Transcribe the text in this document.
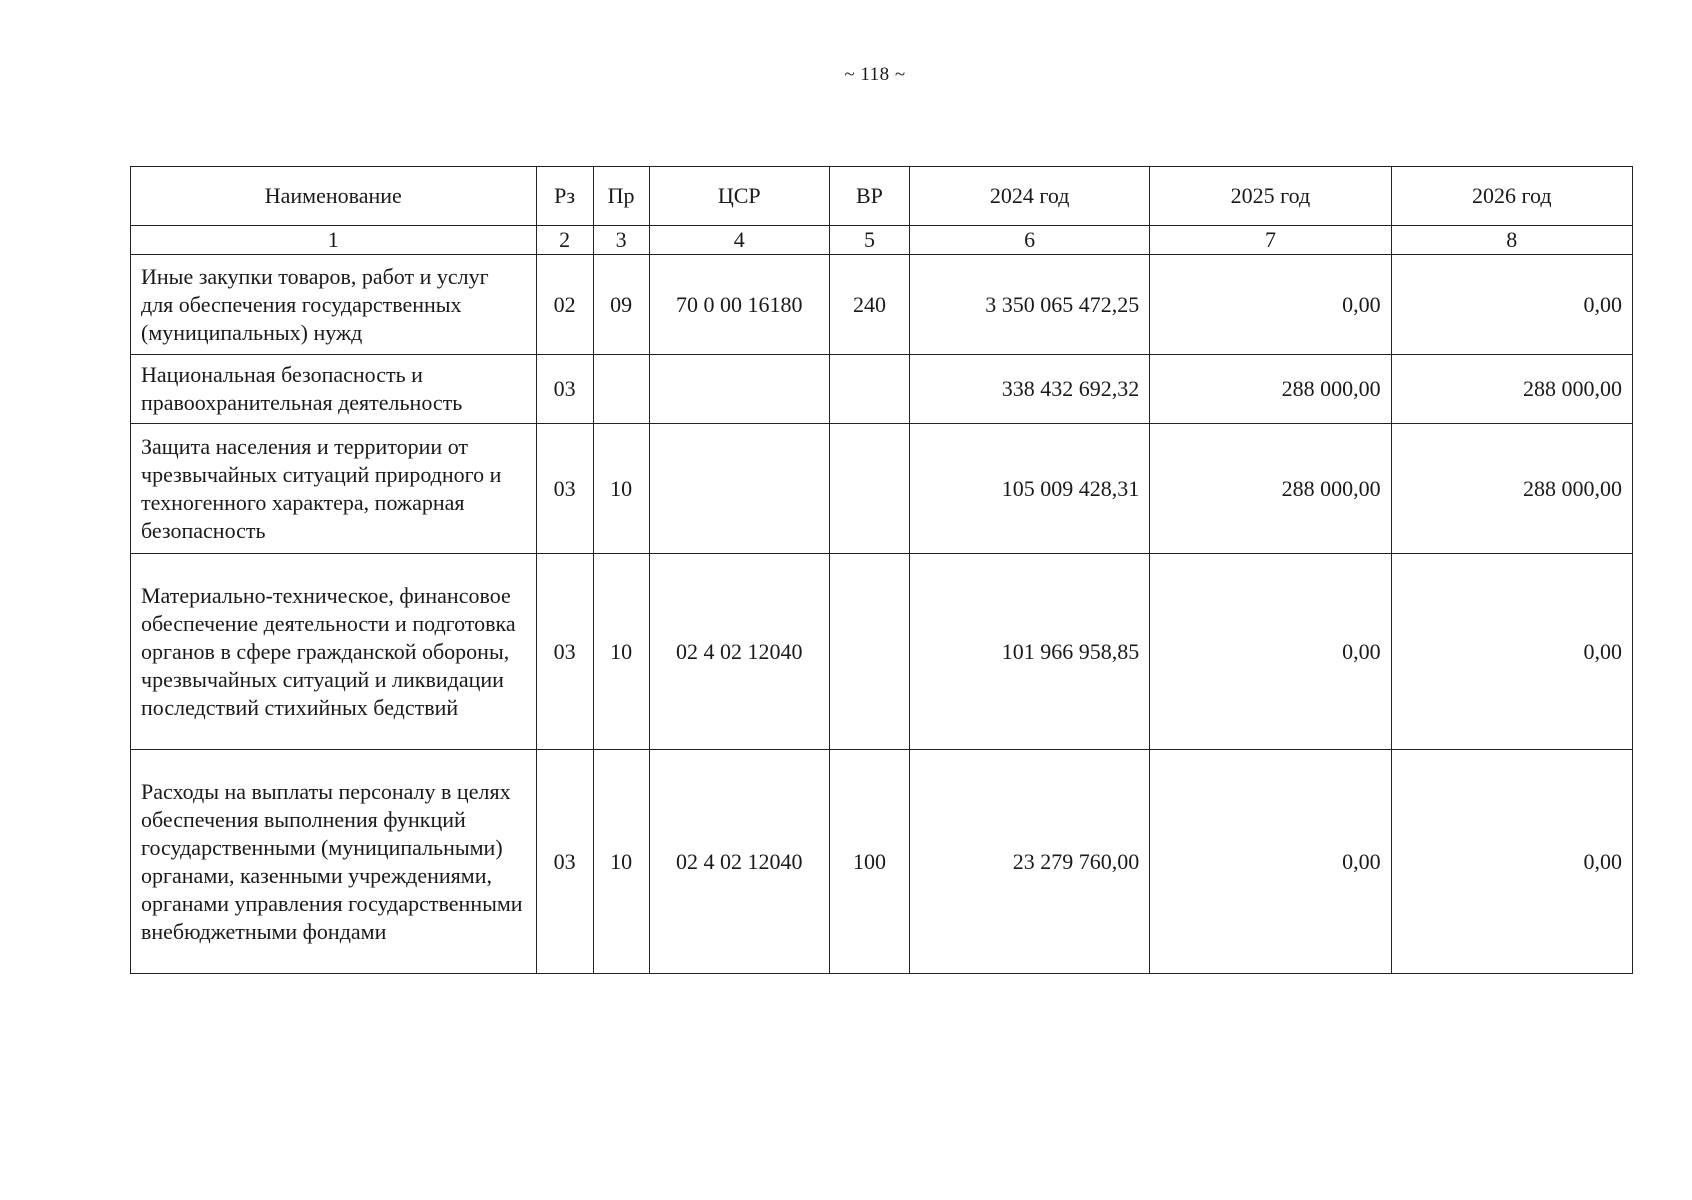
~ 118 ~
Наименование	Рз	Пр	ЦСР	ВР	2024 год	2025 год	2026 год
1	2	3	4	5	6	7	8
Иные закупки товаров, работ и услуг для обеспечения государственных (муниципальных) нужд	02	09	70 0 00 16180	240	3 350 065 472,25	0,00	0,00
Национальная безопасность и правоохранительная деятельность	03				338 432 692,32	288 000,00	288 000,00
Защита населения и территории от чрезвычайных ситуаций природного и техногенного характера, пожарная безопасность	03	10			105 009 428,31	288 000,00	288 000,00
Материально-техническое, финансовое обеспечение деятельности и подготовка органов в сфере гражданской обороны, чрезвычайных ситуаций и ликвидации последствий стихийных бедствий	03	10	02 4 02 12040		101 966 958,85	0,00	0,00
Расходы на выплаты персоналу в целях обеспечения выполнения функций государственными (муниципальными) органами, казенными учреждениями, органами управления государственными внебюджетными фондами	03	10	02 4 02 12040	100	23 279 760,00	0,00	0,00
